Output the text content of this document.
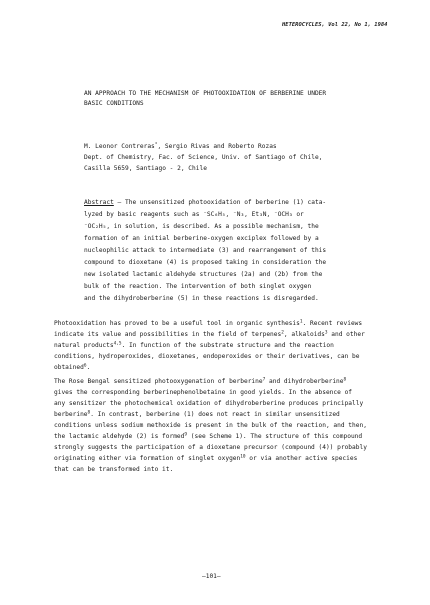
HETEROCYCLES, Vol 22, No 1, 1984
AN APPROACH TO THE MECHANISM OF PHOTOOXIDATION OF BERBERINE UNDER
BASIC CONDITIONS
M. Leonor Contreras*, Sergio Rivas and Roberto Rozas
Dept. of Chemistry, Fac. of Science, Univ. of Santiago of Chile,
Casilla 5659, Santiago - 2, Chile
Abstract — The unsensitized photooxidation of berberine (1) cata-
lyzed by basic reagents such as ⁻SC₆H₅, ⁻N₃, Et₃N, ⁻OCH₃ or
⁻OC₂H₅, in solution, is described. As a possible mechanism, the
formation of an initial berberine-oxygen exciplex followed by a
nucleophilic attack to intermediate (3) and rearrangement of this
compound to dioxetane (4) is proposed taking in consideration the
new isolated lactamic aldehyde structures (2a) and (2b) from the
bulk of the reaction. The intervention of both singlet oxygen
and the dihydroberberine (5) in these reactions is disregarded.
Photooxidation has proved to be a useful tool in organic synthesis$^1$. Recent reviews
indicate its value and possibilities in the field of terpenes$^2$, alkaloids$^3$ and other
natural products$^{4,5}$. In function of the substrate structure and the reaction
conditions, hydroperoxides, dioxetanes, endoperoxides or their derivatives, can be
obtained$^6$.
The Rose Bengal sensitized photooxygenation of berberine$^7$ and dihydroberberine$^8$
gives the corresponding berberinephenolbetaine in good yields. In the absence of
any sensitizer the photochemical oxidation of dihydroberberine produces principally
berberine$^8$. In contrast, berberine (1) does not react in similar unsensitized
conditions unless sodium methoxide is present in the bulk of the reaction, and then,
the lactamic aldehyde (2) is formed$^9$ (see Scheme 1). The structure of this compound
strongly suggests the participation of a dioxetane precursor (compound (4)) probably
originating either via formation of singlet oxygen$^{10}$ or via another active species
that can be transformed into it.
—101—
